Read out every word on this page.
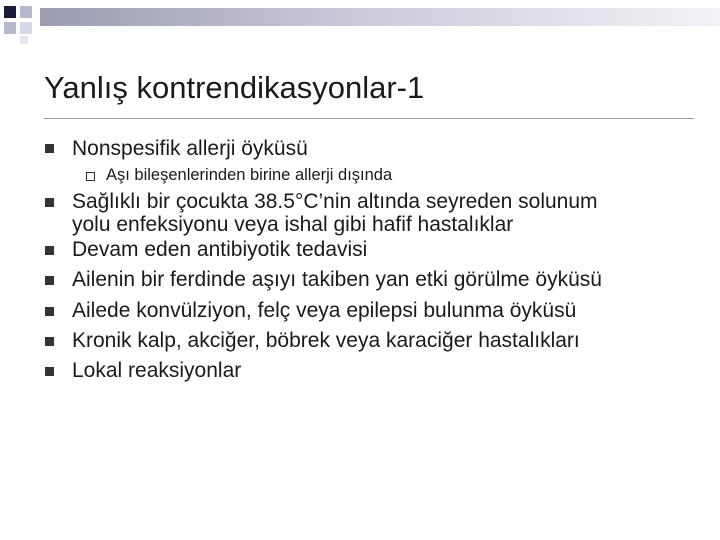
Yanlış kontrendikasyonlar-1
Nonspesifik allerji öyküsü
Aşı bileşenlerinden birine allerji dışında
Sağlıklı bir çocukta 38.5°C’nin altında seyreden solunum
yolu enfeksiyonu veya ishal gibi hafif hastalıklar
Devam eden antibiyotik tedavisi
Ailenin bir ferdinde aşıyı takiben yan etki görülme öyküsü
Ailede konvülziyon, felç veya epilepsi bulunma öyküsü
Kronik kalp, akciğer, böbrek veya karaciğer hastalıkları
Lokal reaksiyonlar
